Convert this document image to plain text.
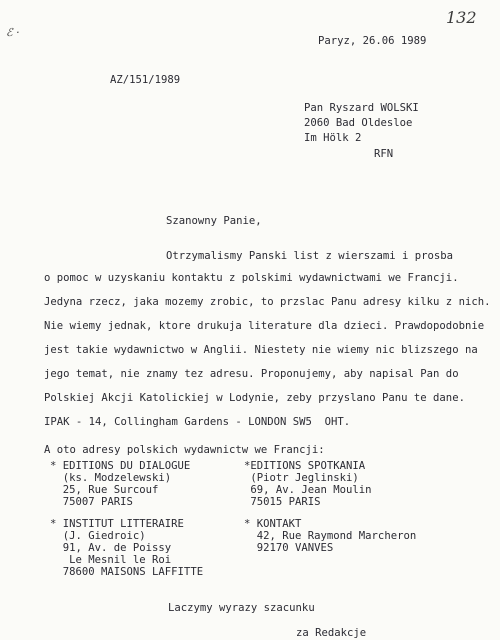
132
ℰ ·
Paryz, 26.06 1989
AZ/151/1989
Pan Ryszard WOLSKI
2060 Bad Oldesloe
Im Hölk 2
RFN
Szanowny Panie,
Otrzymalismy Panski list z wierszami i prosba
o pomoc w uzyskaniu kontaktu z polskimi wydawnictwami we Francji.
Jedyna rzecz, jaka mozemy zrobic, to przslac Panu adresy kilku z nich.
Nie wiemy jednak, ktore drukuja literature dla dzieci. Prawdopodobnie
jest takie wydawnictwo w Anglii. Niestety nie wiemy nic blizszego na
jego temat, nie znamy tez adresu. Proponujemy, aby napisal Pan do
Polskiej Akcji Katolickiej w Lodynie, zeby przyslano Panu te dane.
IPAK - 14, Collingham Gardens - LONDON SW5  OHT.
A oto adresy polskich wydawnictw we Francji:
* EDITIONS DU DIALOGUE
(ks. Modzelewski)
25, Rue Surcouf
75007 PARIS
*EDITIONS SPOTKANIA
(Piotr Jeglinski)
69, Av. Jean Moulin
75015 PARIS
* INSTITUT LITTERAIRE
(J. Giedroic)
91, Av. de Poissy
Le Mesnil le Roi
78600 MAISONS LAFFITTE
* KONTAKT
42, Rue Raymond Marcheron
92170 VANVES
Laczymy wyrazy szacunku
za Redakcje
